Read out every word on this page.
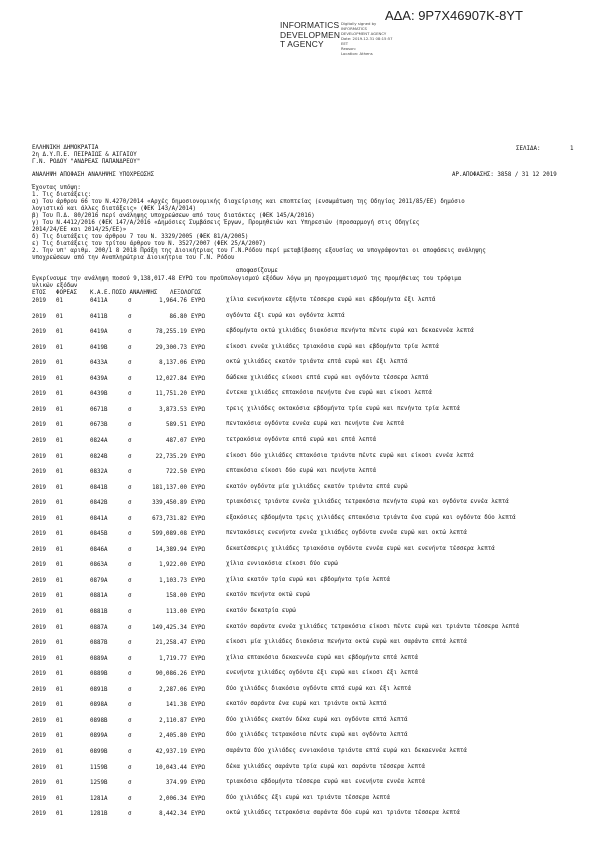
ΑΔΑ: 9Ρ7Χ46907Κ-8ΥΤ
INFORMATICS
DEVELOPMEN
T AGENCY
Digitally signed by
INFORMATICS
DEVELOPMENT AGENCY
Date: 2019.12.31 08:15:57
EET
Reason:
Location: Athens
ΕΛΛΗΝΙΚΗ ΔΗΜΟΚΡΑΤΙΑ
2η Δ.Υ.Π.Ε. ΠΕΙΡΑΙΩΣ & ΑΙΓΑΙΟΥ
Γ.Ν. ΡΟΔΟΥ "ΑΝΔΡΕΑΣ ΠΑΠΑΝΔΡΕΟΥ"
ΣΕΛΙΔΑ:	1
ΑΝΑΛΗΨΗ ΑΠΟΦΑΣΗ ΑΝΑΛΗΨΗΣ ΥΠΟΧΡΕΩΣΗΣ	ΑΡ.ΑΠΟΦΑΣΗΣ: 3858 / 31 12 2019
Έχοντας υπόψη:
1. Τις διατάξεις:
α) Του άρθρου 66 του Ν.4270/2014 «Αρχές δημοσιονομικής διαχείρισης και εποπτείας (ενσωμάτωση της Οδηγίας 2011/85/ΕΕ) δημόσιο
λογιστικό και άλλες διατάξεις» (ΦΕΚ 143/Α/2014)
β) Του Π.Δ. 80/2016 περί ανάληψης υποχρεώσεων από τους διατάκτες (ΦΕΚ 145/Α/2016)
γ) Του Ν.4412/2016 (ΦΕΚ 147/Α/2016 «Δημόσιες Συμβάσεις Έργων, Προμηθειών και Υπηρεσιών (προσαρμογή στις Οδηγίες
2014/24/ΕΕ και 2014/25/ΕΕ)»
δ) Τις διατάξεις του άρθρου 7 του Ν. 3329/2005 (ΦΕΚ 81/Α/2005)
ε) Τις διατάξεις του τρίτου άρθρου του Ν. 3527/2007 (ΦΕΚ 25/Α/2007)
2. Την υπ' αριθμ. 200/1 8 2018 Πράξη της Διοικήτριας του Γ.Ν.Ρόδου περί μεταβίβασης εξουσίας να υπογράφονται οι αποφάσεις ανάληψης
υποχρεώσεων από την Αναπληρώτρια Διοικήτρια του Γ.Ν. Ρόδου
αποφασίζουμε
Εγκρίνουμε την ανάληψη ποσού 9,138,017.48 ΕΥΡΩ του προϋπολογισμού εξόδων λόγω μη προγραμματισμού της προμήθειας του τρόφιμα
υλικών εξόδων
ΕΤΟΣ ΦΟΡΕΑΣ Κ.Α.Ε. ΠΟΣΟ ΑΝΑΛΗΨΗΣ ΛΕΞΟΛΟΓΩΣ
2019 01	0411Α	σ	1,964.76 ΕΥΡΩ	χίλια ενενήκοντα εξήντα τέσσερα ευρώ και εβδομήντα έξι λεπτά
2019 01	0411Β	σ	86.80 ΕΥΡΩ	ογδόντα έξι ευρώ και ογδόντα λεπτά
2019 01	0419Α	σ	78,255.19 ΕΥΡΩ	εβδομήντα οκτώ χιλιάδες διακόσια πενήντα πέντε ευρώ και δεκαεννέα λεπτά
2019 01	0419Β	σ	29,300.73 ΕΥΡΩ	είκοσι εννέα χιλιάδες τριακόσια ευρώ και εβδομήντα τρία λεπτά
2019 01	0433Α	σ	8,137.06 ΕΥΡΩ	οκτώ χιλιάδες εκατόν τριάντα επτά ευρώ και έξι λεπτά
2019 01	0439Α	σ	12,027.84 ΕΥΡΩ	δώδεκα χιλιάδες είκοσι επτά ευρώ και ογδόντα τέσσερα λεπτά
2019 01	0439Β	σ	11,751.20 ΕΥΡΩ	έντεκα χιλιάδες επτακόσια πενήντα ένα ευρώ και είκοσι λεπτά
2019 01	0671Β	σ	3,873.53 ΕΥΡΩ	τρεις χιλιάδες οκτακόσια εβδομήντα τρία ευρώ και πενήντα τρία λεπτά
2019 01	0673Β	σ	589.51 ΕΥΡΩ	πεντακόσια ογδόντα εννέα ευρώ και πενήντα ένα λεπτά
2019 01	0824Α	σ	487.07 ΕΥΡΩ	τετρακόσια ογδόντα επτά ευρώ και επτά λεπτά
2019 01	0824Β	σ	22,735.29 ΕΥΡΩ	είκοσι δύο χιλιάδες επτακόσια τριάντα πέντε ευρώ και είκοσι εννέα λεπτά
2019 01	0832Α	σ	722.50 ΕΥΡΩ	επτακόσια είκοσι δύο ευρώ και πενήντα λεπτά
2019 01	0841Β	σ	181,137.00 ΕΥΡΩ	εκατόν ογδόντα μία χιλιάδες εκατόν τριάντα επτά ευρώ
2019 01	0842Β	σ	339,450.89 ΕΥΡΩ	τριακόσιες τριάντα εννέα χιλιάδες τετρακόσια πενήντα ευρώ και ογδόντα εννέα λεπτά
2019 01	0841Α	σ	673,731.82 ΕΥΡΩ	εξακόσιες εβδομήντα τρεις χιλιάδες επτακόσια τριάντα ένα ευρώ και ογδόντα δύο λεπτά
2019 01	0845Β	σ	599,089.08 ΕΥΡΩ	πεντακόσιες ενενήντα εννέα χιλιάδες ογδόντα εννέα ευρώ και οκτώ λεπτά
2019 01	0846Α	σ	14,389.94 ΕΥΡΩ	δεκατέσσερις χιλιάδες τριακόσια ογδόντα εννέα ευρώ και ενενήντα τέσσερα λεπτά
2019 01	0863Α	σ	1,922.00 ΕΥΡΩ	χίλια εννιακόσια είκοσι δύο ευρώ
2019 01	0879Α	σ	1,103.73 ΕΥΡΩ	χίλια εκατόν τρία ευρώ και εβδομήντα τρία λεπτά
2019 01	0881Α	σ	158.00 ΕΥΡΩ	εκατόν πενήντα οκτώ ευρώ
2019 01	0881Β	σ	113.00 ΕΥΡΩ	εκατόν δεκατρία ευρώ
2019 01	0887Α	σ	149,425.34 ΕΥΡΩ	εκατόν σαράντα εννέα χιλιάδες τετρακόσια είκοσι πέντε ευρώ και τριάντα τέσσερα λεπτά
2019 01	0887Β	σ	21,258.47 ΕΥΡΩ	είκοσι μία χιλιάδες διακόσια πενήντα οκτώ ευρώ και σαράντα επτά λεπτά
2019 01	0889Α	σ	1,719.77 ΕΥΡΩ	χίλια επτακόσια δεκαεννέα ευρώ και εβδομήντα επτά λεπτά
2019 01	0889Β	σ	90,086.26 ΕΥΡΩ	ενενήντα χιλιάδες ογδόντα έξι ευρώ και είκοσι έξι λεπτά
2019 01	0891Β	σ	2,287.06 ΕΥΡΩ	δύο χιλιάδες διακόσια ογδόντα επτά ευρώ και έξι λεπτά
2019 01	0898Α	σ	141.38 ΕΥΡΩ	εκατόν σαράντα ένα ευρώ και τριάντα οκτώ λεπτά
2019 01	0898Β	σ	2,110.87 ΕΥΡΩ	δύο χιλιάδες εκατόν δέκα ευρώ και ογδόντα επτά λεπτά
2019 01	0899Α	σ	2,405.80 ΕΥΡΩ	δύο χιλιάδες τετρακόσια πέντε ευρώ και ογδόντα λεπτά
2019 01	0899Β	σ	42,937.19 ΕΥΡΩ	σαράντα δύο χιλιάδες εννιακόσια τριάντα επτά ευρώ και δεκαεννέα λεπτά
2019 01	1159Β	σ	10,043.44 ΕΥΡΩ	δέκα χιλιάδες σαράντα τρία ευρώ και σαράντα τέσσερα λεπτά
2019 01	1259Β	σ	374.99 ΕΥΡΩ	τριακόσια εβδομήντα τέσσερα ευρώ και ενενήντα εννέα λεπτά
2019 01	1281Α	σ	2,006.34 ΕΥΡΩ	δύο χιλιάδες έξι ευρώ και τριάντα τέσσερα λεπτά
2019 01	1281Β	σ	8,442.34 ΕΥΡΩ	οκτώ χιλιάδες τετρακόσια σαράντα δύο ευρώ και τριάντα τέσσερα λεπτά
